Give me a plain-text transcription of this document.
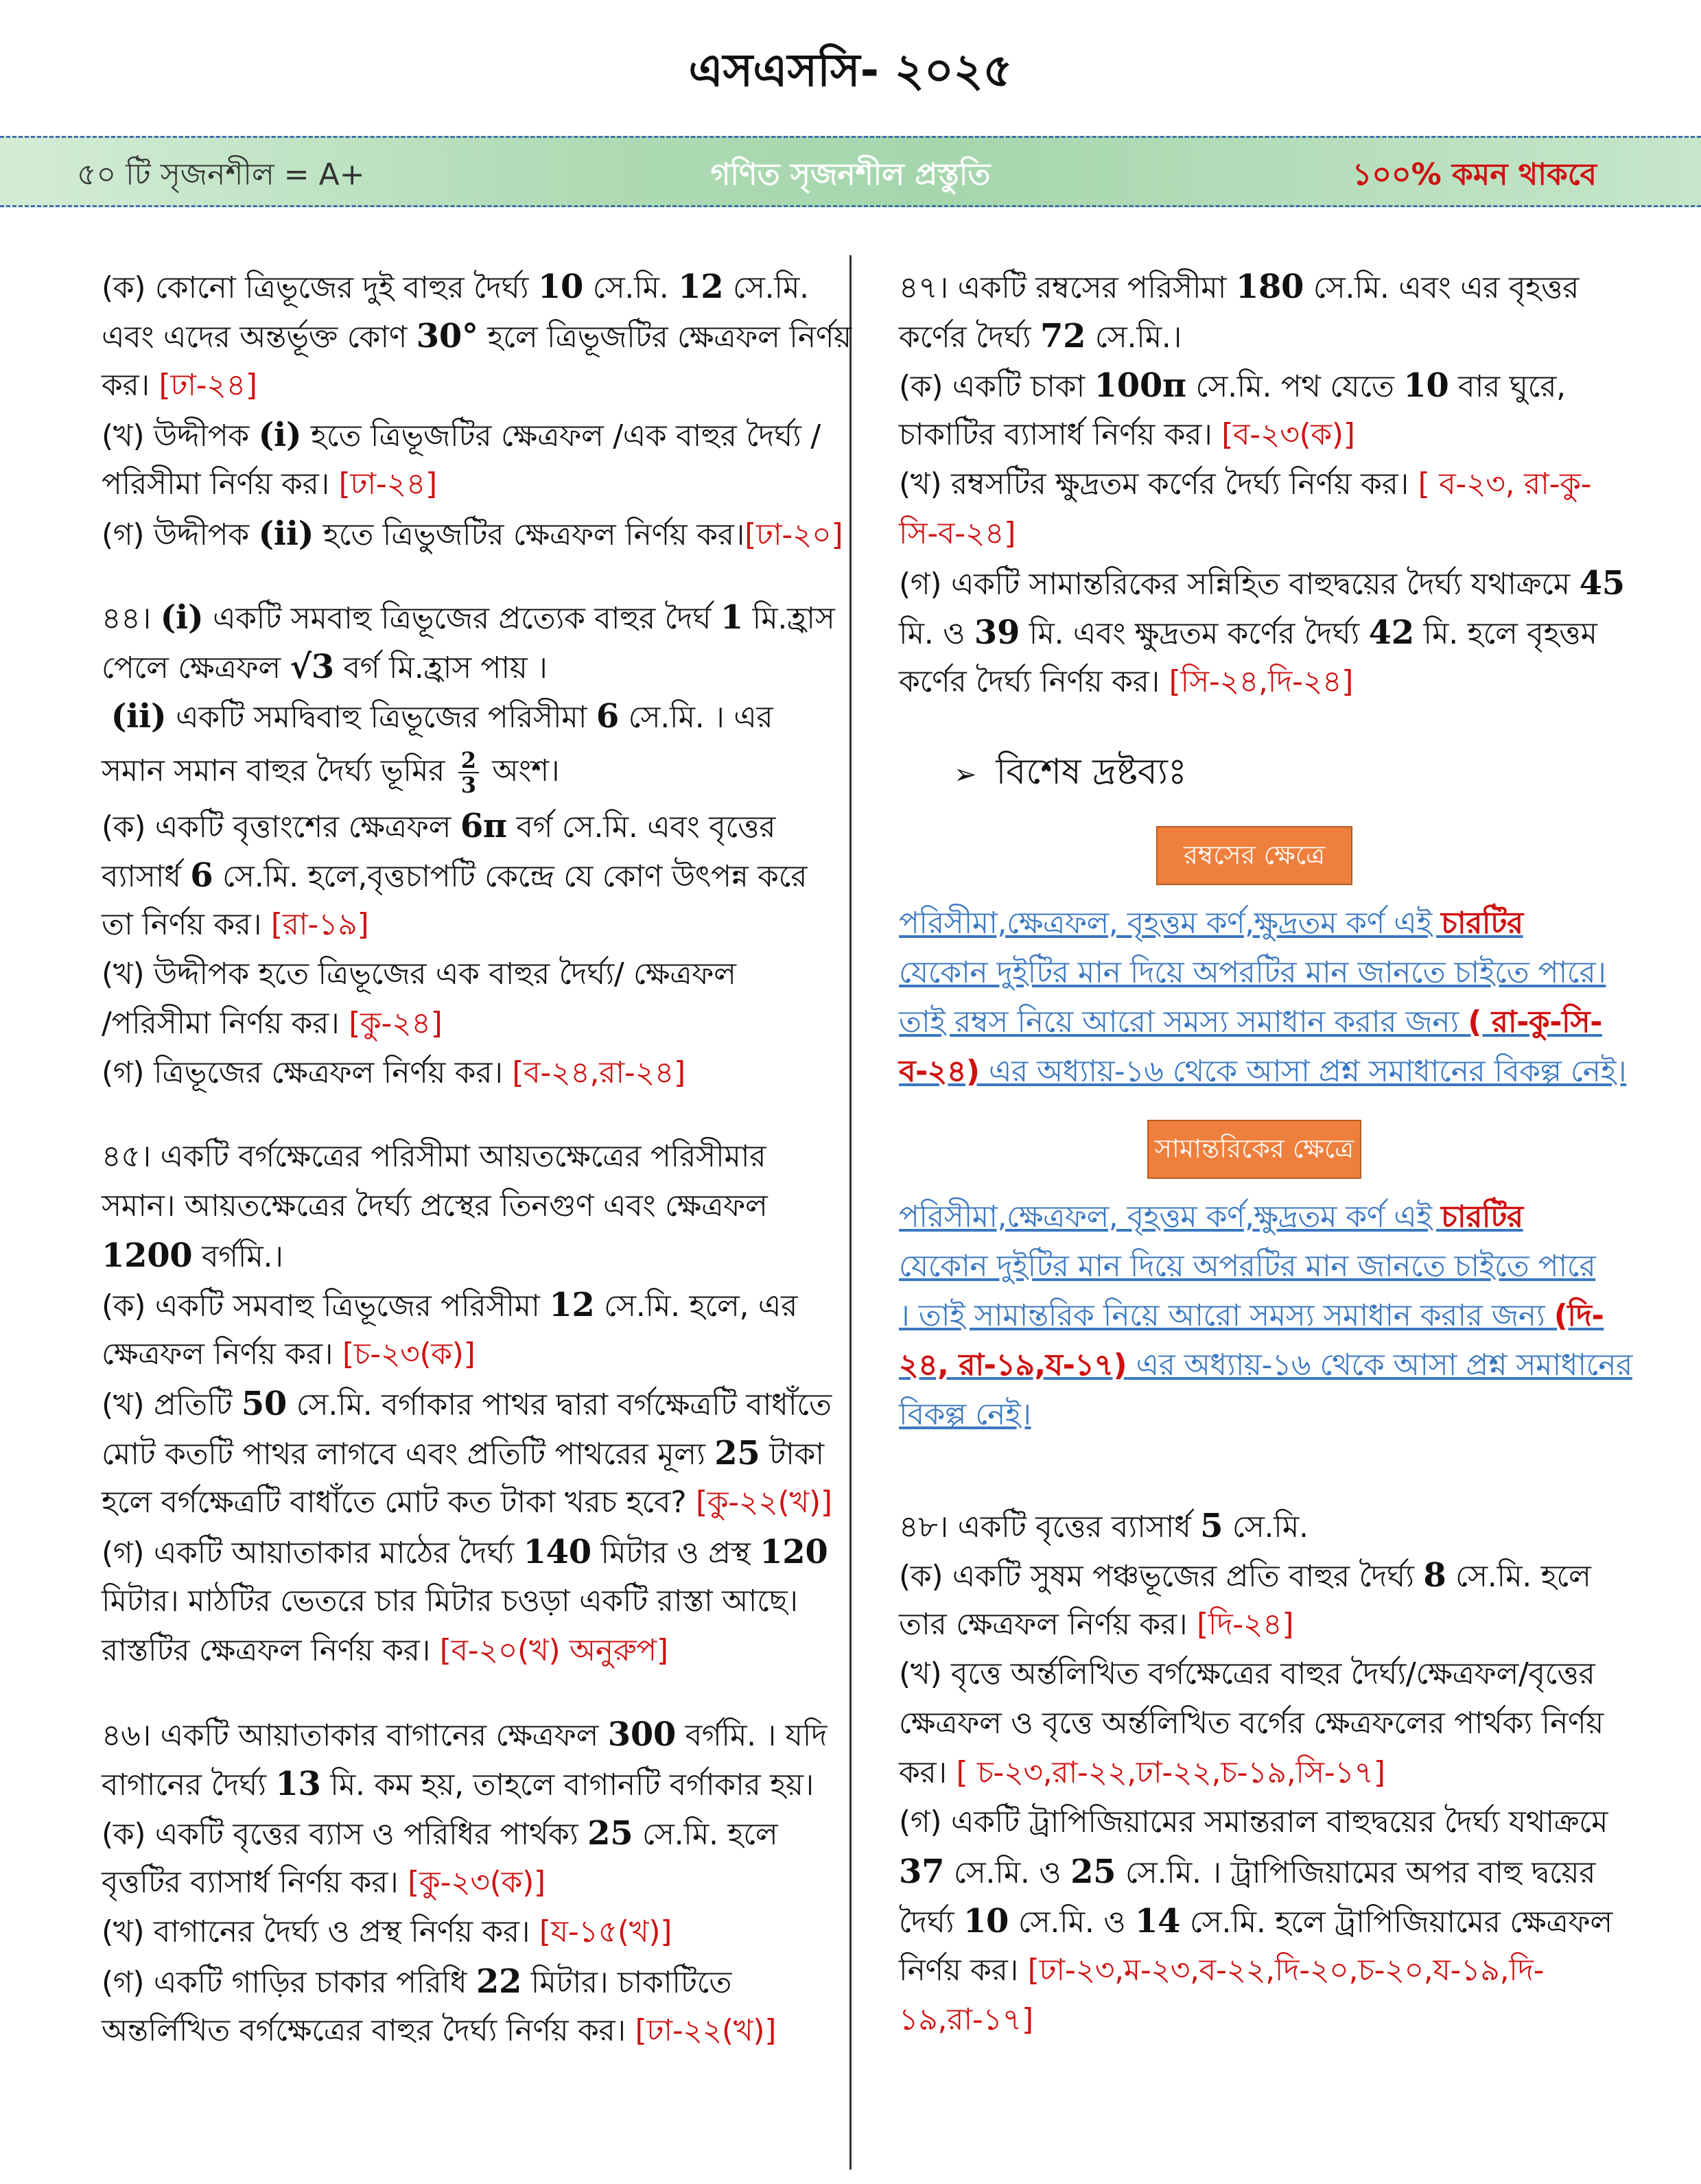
এসএসসি- ২০২৫
৫০ টি সৃজনশীল = A+	গণিত সৃজনশীল প্রস্তুতি	১০০% কমন থাকবে
(ক) কোনো ত্রিভূজের দুই বাহুর দৈর্ঘ্য 10 সে.মি. 12 সে.মি.
এবং এদের অন্তর্ভূক্ত কোণ 30° হলে ত্রিভূজটির ক্ষেত্রফল নির্ণয়
কর। [ঢা-২৪]
(খ) উদ্দীপক (i) হতে ত্রিভূজটির ক্ষেত্রফল /এক বাহুর দৈর্ঘ্য /
পরিসীমা নির্ণয় কর। [ঢা-২৪]
(গ) উদ্দীপক (ii) হতে ত্রিভুজটির ক্ষেত্রফল নির্ণয় কর।[ঢা-২০]
৪৪। (i) একটি সমবাহু ত্রিভূজের প্রত্যেক বাহুর দৈর্ঘ 1 মি.হ্রাস
পেলে ক্ষেত্রফল √3 বর্গ মি.হ্রাস পায় ।
(ii) একটি সমদ্বিবাহু ত্রিভূজের পরিসীমা 6 সে.মি. । এর
সমান সমান বাহুর দৈর্ঘ্য ভূমির $\frac{2}{3}$ অংশ।
(ক) একটি বৃত্তাংশের ক্ষেত্রফল 6π বর্গ সে.মি. এবং বৃত্তের
ব্যাসার্ধ 6 সে.মি. হলে,বৃত্তচাপটি কেন্দ্রে যে কোণ উৎপন্ন করে
তা নির্ণয় কর। [রা-১৯]
(খ) উদ্দীপক হতে ত্রিভূজের এক বাহুর দৈর্ঘ্য/ ক্ষেত্রফল
/পরিসীমা নির্ণয় কর। [কু-২৪]
(গ) ত্রিভূজের ক্ষেত্রফল নির্ণয় কর। [ব-২৪,রা-২৪]
৪৫। একটি বর্গক্ষেত্রের পরিসীমা আয়তক্ষেত্রের পরিসীমার
সমান। আয়তক্ষেত্রের দৈর্ঘ্য প্রস্থের তিনগুণ এবং ক্ষেত্রফল
1200 বর্গমি.।
(ক) একটি সমবাহু ত্রিভূজের পরিসীমা 12 সে.মি. হলে, এর
ক্ষেত্রফল নির্ণয় কর। [চ-২৩(ক)]
(খ) প্রতিটি 50 সে.মি. বর্গাকার পাথর দ্বারা বর্গক্ষেত্রটি বাধাঁতে
মোট কতটি পাথর লাগবে এবং প্রতিটি পাথরের মূল্য 25 টাকা
হলে বর্গক্ষেত্রটি বাধাঁতে মোট কত টাকা খরচ হবে? [কু-২২(খ)]
(গ) একটি আয়াতাকার মাঠের দৈর্ঘ্য 140 মিটার ও প্রস্থ 120
মিটার। মাঠটির ভেতরে চার মিটার চওড়া একটি রাস্তা আছে।
রাস্তটির ক্ষেত্রফল নির্ণয় কর। [ব-২০(খ) অনুরুপ]
৪৬। একটি আয়াতাকার বাগানের ক্ষেত্রফল 300 বর্গমি. । যদি
বাগানের দৈর্ঘ্য 13 মি. কম হয়, তাহলে বাগানটি বর্গাকার হয়।
(ক) একটি বৃত্তের ব্যাস ও পরিধির পার্থক্য 25 সে.মি. হলে
বৃত্তটির ব্যাসার্ধ নির্ণয় কর। [কু-২৩(ক)]
(খ) বাগানের দৈর্ঘ্য ও প্রস্থ নির্ণয় কর। [য-১৫(খ)]
(গ) একটি গাড়ির চাকার পরিধি 22 মিটার। চাকাটিতে
অন্তর্লিখিত বর্গক্ষেত্রের বাহুর দৈর্ঘ্য নির্ণয় কর। [ঢা-২২(খ)]
৪৭। একটি রম্বসের পরিসীমা 180 সে.মি. এবং এর বৃহত্তর
কর্ণের দৈর্ঘ্য 72 সে.মি.।
(ক) একটি চাকা 100π সে.মি. পথ যেতে 10 বার ঘুরে,
চাকাটির ব্যাসার্ধ নির্ণয় কর। [ব-২৩(ক)]
(খ) রম্বসটির ক্ষুদ্রতম কর্ণের দৈর্ঘ্য নির্ণয় কর। [ ব-২৩, রা-কু-
সি-ব-২৪]
(গ) একটি সামান্তরিকের সন্নিহিত বাহুদ্বয়ের দৈর্ঘ্য যথাক্রমে 45
মি. ও 39 মি. এবং ক্ষুদ্রতম কর্ণের দৈর্ঘ্য 42 মি. হলে বৃহত্তম
কর্ণের দৈর্ঘ্য নির্ণয় কর। [সি-২৪,দি-২৪]
➢ বিশেষ দ্রষ্টব্যঃ
রম্বসের ক্ষেত্রে
পরিসীমা,ক্ষেত্রফল, বৃহত্তম কর্ণ,ক্ষুদ্রতম কর্ণ এই চারটির
যেকোন দুইটির মান দিয়ে অপরটির মান জানতে চাইতে পারে।
তাই রম্বস নিয়ে আরো সমস্য সমাধান করার জন্য ( রা-কু-সি-
ব-২৪) এর অধ্যায়-১৬ থেকে আসা প্রশ্ন সমাধানের বিকল্প নেই।
সামান্তরিকের ক্ষেত্রে
পরিসীমা,ক্ষেত্রফল, বৃহত্তম কর্ণ,ক্ষুদ্রতম কর্ণ এই চারটির
যেকোন দুইটির মান দিয়ে অপরটির মান জানতে চাইতে পারে
। তাই সামান্তরিক নিয়ে আরো সমস্য সমাধান করার জন্য (দি-
২৪, রা-১৯,য-১৭) এর অধ্যায়-১৬ থেকে আসা প্রশ্ন সমাধানের
বিকল্প নেই।
৪৮। একটি বৃত্তের ব্যাসার্ধ 5 সে.মি.
(ক) একটি সুষম পঞ্চভূজের প্রতি বাহুর দৈর্ঘ্য 8 সে.মি. হলে
তার ক্ষেত্রফল নির্ণয় কর। [দি-২৪]
(খ) বৃত্তে অর্ন্তলিখিত বর্গক্ষেত্রের বাহুর দৈর্ঘ্য/ক্ষেত্রফল/বৃত্তের
ক্ষেত্রফল ও বৃত্তে অর্ন্তলিখিত বর্গের ক্ষেত্রফলের পার্থক্য নির্ণয়
কর। [ চ-২৩,রা-২২,ঢা-২২,চ-১৯,সি-১৭]
(গ) একটি ট্রাপিজিয়ামের সমান্তরাল বাহুদ্বয়ের দৈর্ঘ্য যথাক্রমে
37 সে.মি. ও 25 সে.মি. । ট্রাপিজিয়ামের অপর বাহু দ্বয়ের
দৈর্ঘ্য 10 সে.মি. ও 14 সে.মি. হলে ট্রাপিজিয়ামের ক্ষেত্রফল
নির্ণয় কর। [ঢা-২৩,ম-২৩,ব-২২,দি-২০,চ-২০,য-১৯,দি-
১৯,রা-১৭]
